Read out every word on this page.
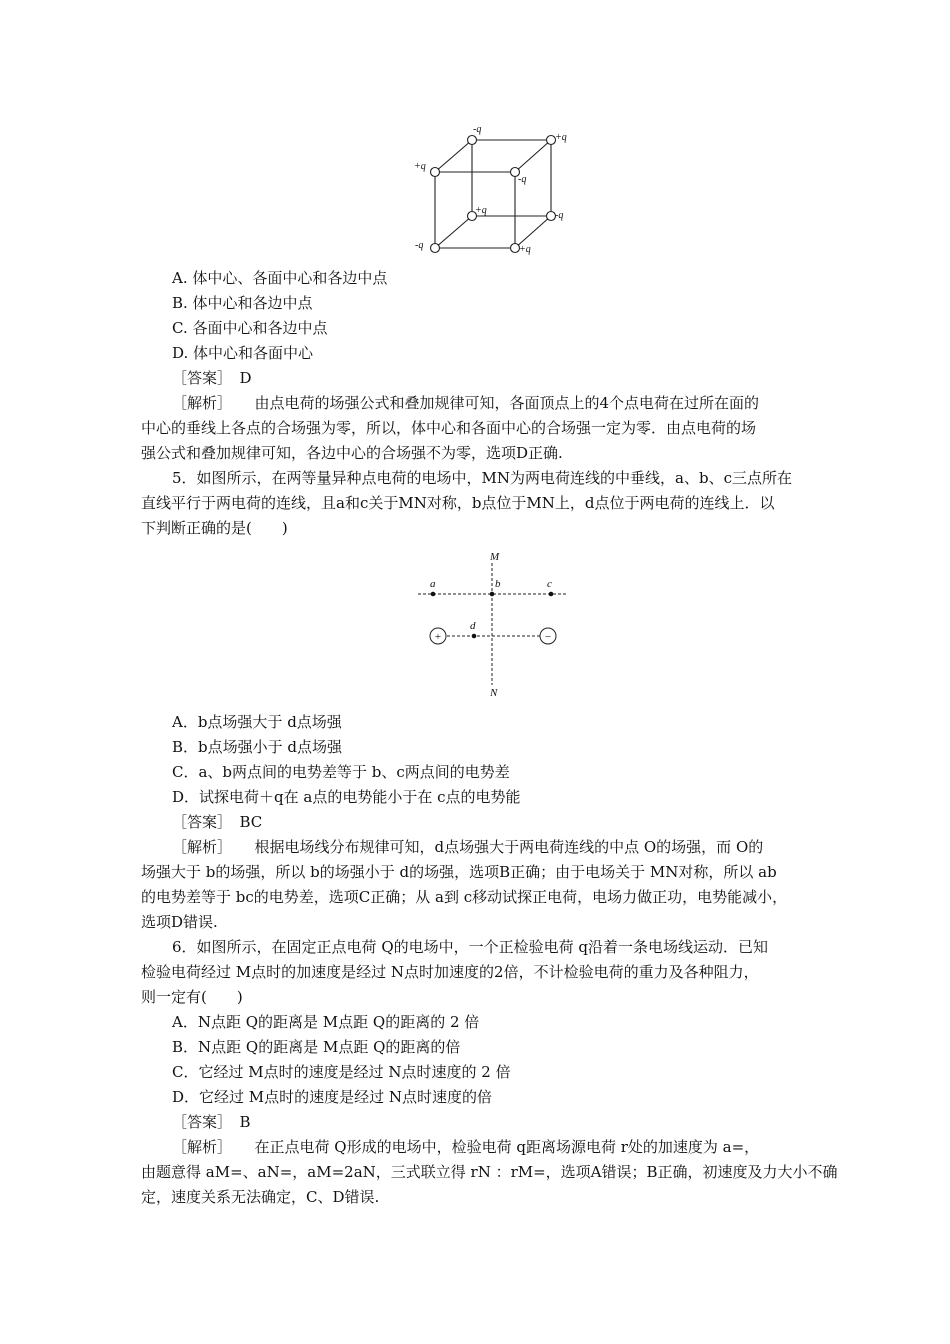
-q
+q
+q
-q
+q	-q
-q	+q
A. 体中心、各面中心和各边中点
B. 体中心和各边中点
C. 各面中心和各边中点
D. 体中心和各面中心
［答案］　D
［解析］　　由点电荷的场强公式和叠加规律可知，各面顶点上的4个点电荷在过所在面的
中心的垂线上各点的合场强为零，所以，体中心和各面中心的合场强一定为零．由点电荷的场
强公式和叠加规律可知，各边中心的合场强不为零，选项D正确.
5．如图所示，在两等量异种点电荷的电场中，MN为两电荷连线的中垂线，a、b、c三点所在
直线平行于两电荷的连线，且a和c关于MN对称，b点位于MN上，d点位于两电荷的连线上．以
下判断正确的是(　　)
+	−
M
N
a	b	c
d
A．b点场强大于 d点场强
B．b点场强小于 d点场强
C．a、b两点间的电势差等于 b、c两点间的电势差
D．试探电荷＋q在 a点的电势能小于在 c点的电势能
［答案］　BC
［解析］　　根据电场线分布规律可知，d点场强大于两电荷连线的中点 O的场强，而 O的
场强大于 b的场强，所以 b的场强小于 d的场强，选项B正确；由于电场关于 MN对称，所以 ab
的电势差等于 bc的电势差，选项C正确；从 a到 c移动试探正电荷，电场力做正功，电势能减小，
选项D错误.
6．如图所示，在固定正点电荷 Q的电场中，一个正检验电荷 q沿着一条电场线运动．已知
检验电荷经过 M点时的加速度是经过 N点时加速度的2倍，不计检验电荷的重力及各种阻力，
则一定有(　　)
A．N点距 Q的距离是 M点距 Q的距离的 2 倍
B．N点距 Q的距离是 M点距 Q的距离的倍
C．它经过 M点时的速度是经过 N点时速度的 2 倍
D．它经过 M点时的速度是经过 N点时速度的倍
［答案］　B
［解析］　　在正点电荷 Q形成的电场中，检验电荷 q距离场源电荷 r处的加速度为 a=，
由题意得 aM=、aN=，aM=2aN，三式联立得 rN ：rM=，选项A错误；B正确，初速度及力大小不确
定，速度关系无法确定，C、D错误.
